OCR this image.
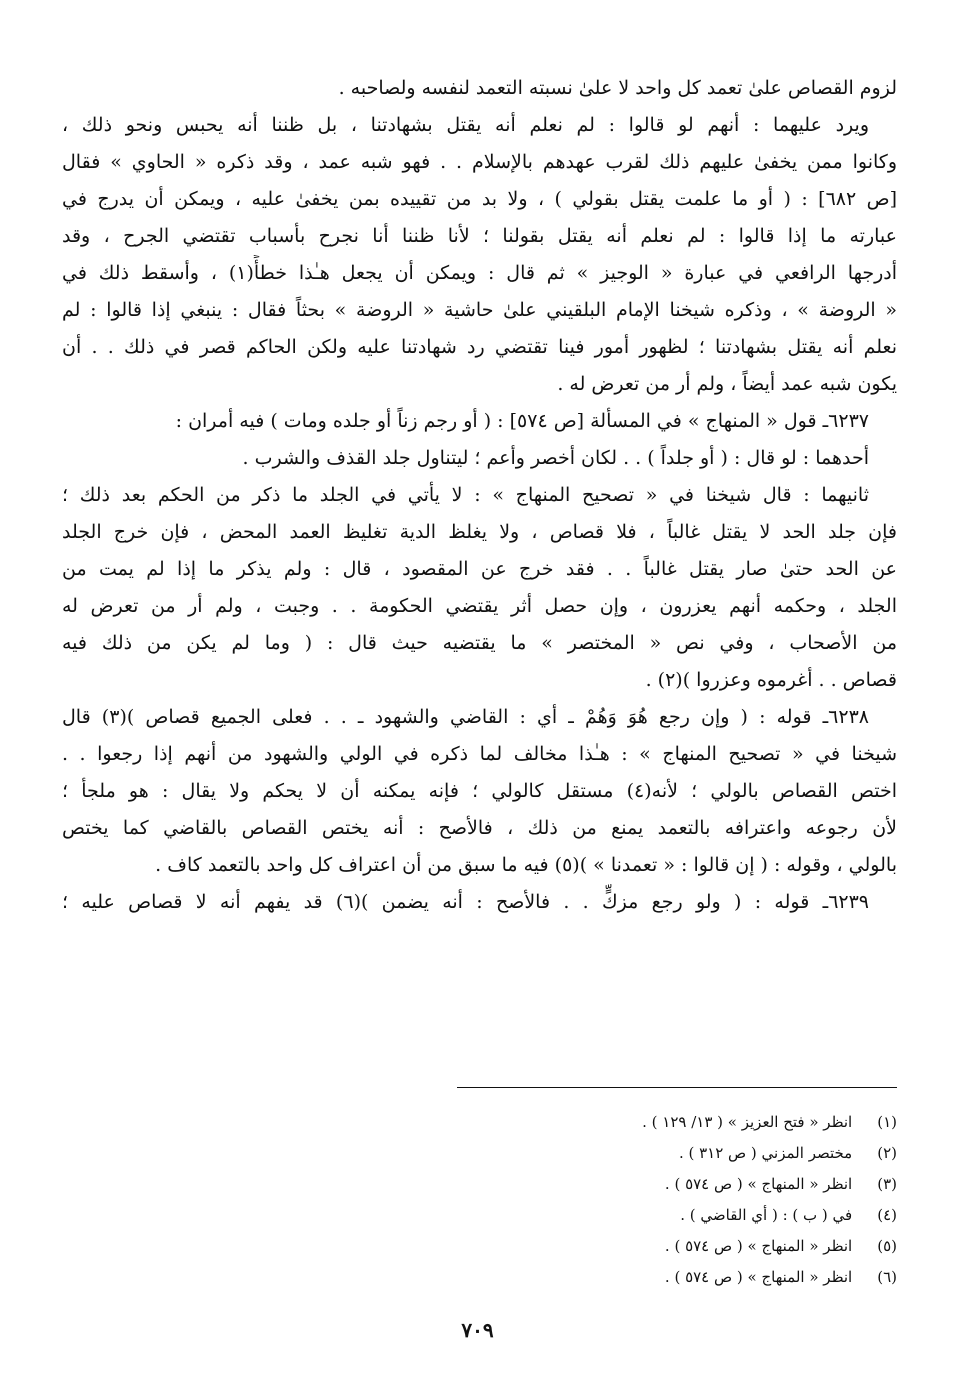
لزوم القصاص علىٰ تعمد كل واحد لا علىٰ نسبته التعمد لنفسه ولصاحبه .
ويرد عليهما : أنهم لو قالوا : لم نعلم أنه يقتل بشهادتنا ، بل ظننا أنه يحبس ونحو ذلك ،
وكانوا ممن يخفىٰ عليهم ذلك لقرب عهدهم بالإسلام . . فهو شبه عمد ، وقد ذكره « الحاوي » فقال
[ص ٦٨٢] : ( أو ما علمت يقتل بقولي ) ، ولا بد من تقييده بمن يخفىٰ عليه ، ويمكن أن يدرج في
عبارته ما إذا قالوا : لم نعلم أنه يقتل بقولنا ؛ لأنا ظننا أنا نجرح بأسباب تقتضي الجرح ، وقد
أدرجها الرافعي في عبارة « الوجيز » ثم قال : ويمكن أن يجعل هـٰذا خطأً(١) ، وأسقط ذلك في
« الروضة » ، وذكره شيخنا الإمام البلقيني علىٰ حاشية « الروضة » بحثاً فقال : ينبغي إذا قالوا : لم
نعلم أنه يقتل بشهادتنا ؛ لظهور أمور فينا تقتضي رد شهادتنا عليه ولكن الحاكم قصر في ذلك . . أن
يكون شبه عمد أيضاً ، ولم أر من تعرض له .
٦٢٣٧ـ قول « المنهاج » في المسألة [ص ٥٧٤] : ( أو رجم زناً أو جلده ومات ) فيه أمران :
أحدهما : لو قال : ( أو جلداً ) . . لكان أخصر وأعم ؛ ليتناول جلد القذف والشرب .
ثانيهما : قال شيخنا في « تصحيح المنهاج » : لا يأتي في الجلد ما ذكر من الحكم بعد ذلك ؛
فإن جلد الحد لا يقتل غالباً ، فلا قصاص ، ولا يغلظ الدية تغليظ العمد المحض ، فإن خرج الجلد
عن الحد حتىٰ صار يقتل غالباً . . فقد خرج عن المقصود ، قال : ولم يذكر ما إذا لم يمت من
الجلد ، وحكمه أنهم يعزرون ، وإن حصل أثر يقتضي الحكومة . . وجبت ، ولم أر من تعرض له
من الأصحاب ، وفي نص « المختصر » ما يقتضيه حيث قال : ( وما لم يكن من ذلك فيه
قصاص . . أغرموه وعزروا )(٢) .
٦٢٣٨ـ قوله : ( وإن رجع هُوَ وَهُمْ ـ أي : القاضي والشهود ـ . . فعلى الجميع قصاص )(٣) قال
شيخنا في « تصحيح المنهاج » : هـٰذا مخالف لما ذكره في الولي والشهود من أنهم إذا رجعوا . .
اختص القصاص بالولي ؛ لأنه(٤) مستقل كالولي ؛ فإنه يمكنه أن لا يحكم ولا يقال : هو ملجأ ؛
لأن رجوعه واعترافه بالتعمد يمنع من ذلك ، فالأصح : أنه يختص القصاص بالقاضي كما يختص
بالولي ، وقوله : ( إن قالوا : « تعمدنا » )(٥) فيه ما سبق من أن اعتراف كل واحد بالتعمد كاف .
٦٢٣٩ـ قوله : ( ولو رجع مزكٍّ . . فالأصح : أنه يضمن )(٦) قد يفهم أنه لا قصاص عليه ؛
(١) انظر « فتح العزيز » ( ١٣/ ١٢٩ ) .
(٢) مختصر المزني ( ص ٣١٢ ) .
(٣) انظر « المنهاج » ( ص ٥٧٤ ) .
(٤) في ( ب ) : ( أي القاضي ) .
(٥) انظر « المنهاج » ( ص ٥٧٤ ) .
(٦) انظر « المنهاج » ( ص ٥٧٤ ) .
٧٠٩
